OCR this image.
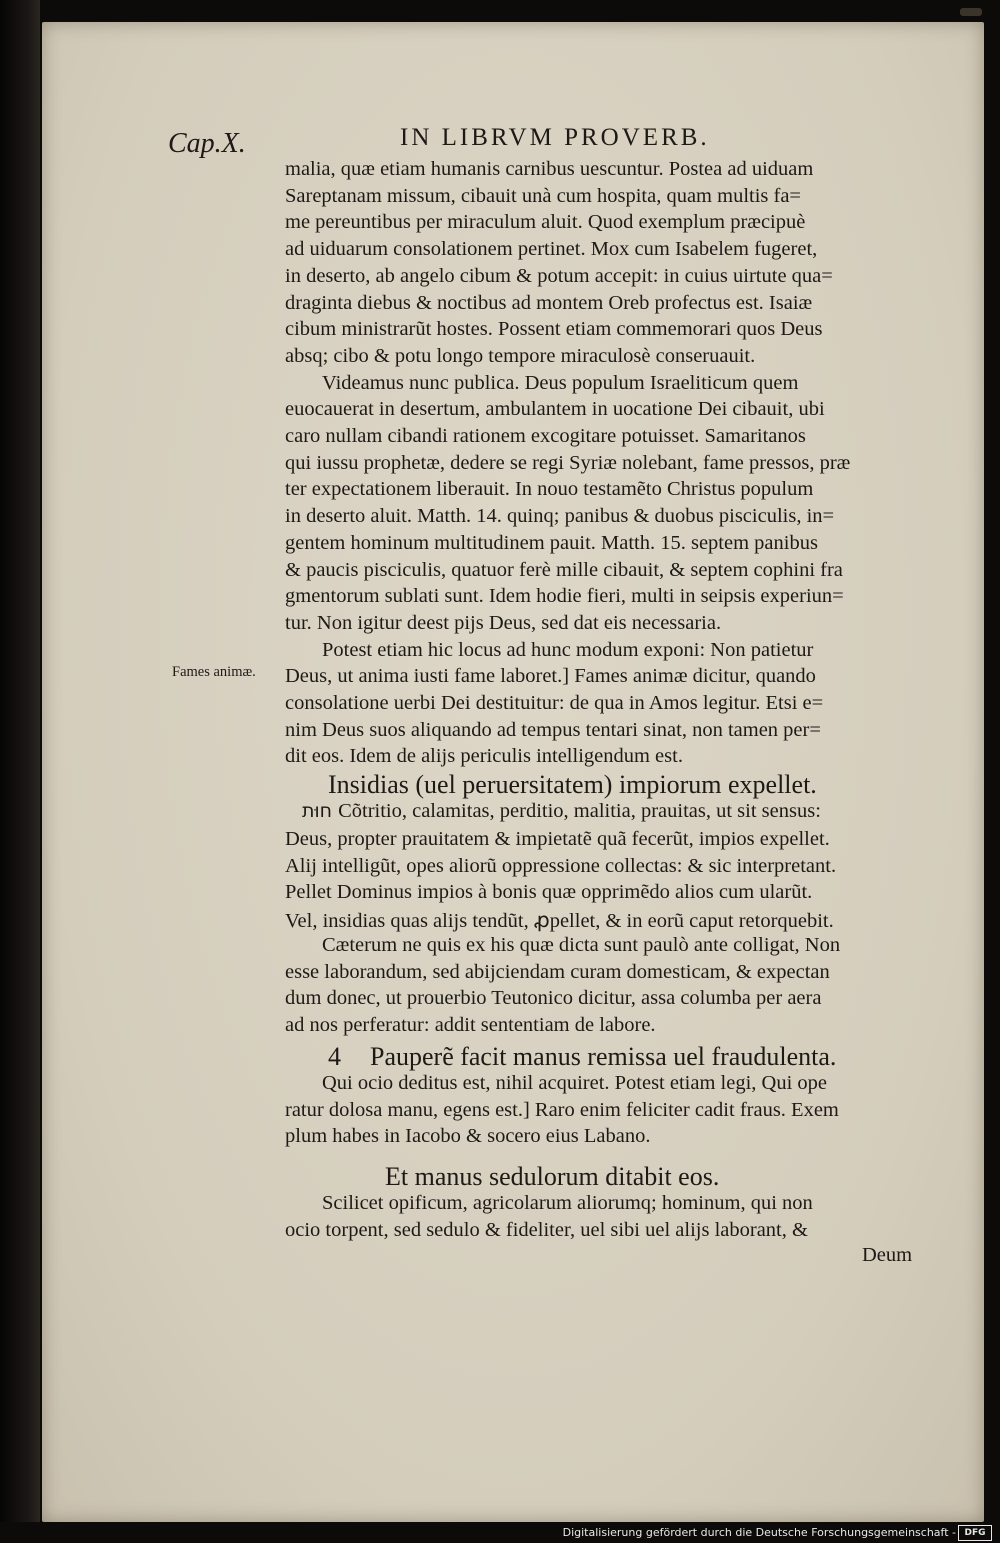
Cap.X.	IN LIBRVM PROVERB.
malia, quæ etiam humanis carnibus uescuntur. Postea ad uiduam
Sareptanam missum, cibauit unà cum hospita, quam multis fa=
me pereuntibus per miraculum aluit. Quod exemplum præcipuè
ad uiduarum consolationem pertinet. Mox cum Isabelem fugeret,
in deserto, ab angelo cibum & potum accepit: in cuius uirtute qua=
draginta diebus & noctibus ad montem Oreb profectus est. Isaiæ
cibum ministrarũt hostes. Possent etiam commemorari quos Deus
absq; cibo & potu longo tempore miraculosè conseruauit.
Videamus nunc publica. Deus populum Israeliticum quem
euocauerat in desertum, ambulantem in uocatione Dei cibauit, ubi
caro nullam cibandi rationem excogitare potuisset. Samaritanos
qui iussu prophetæ, dedere se regi Syriæ nolebant, fame pressos, præ
ter expectationem liberauit. In nouo testamẽto Christus populum
in deserto aluit. Matth. 14. quinq; panibus & duobus pisciculis, in=
gentem hominum multitudinem pauit. Matth. 15. septem panibus
& paucis pisciculis, quatuor ferè mille cibauit, & septem cophini fra
gmentorum sublati sunt. Idem hodie fieri, multi in seipsis experiun=
tur. Non igitur deest pijs Deus, sed dat eis necessaria.
Potest etiam hic locus ad hunc modum exponi: Non patietur
Deus, ut anima iusti fame laboret.] Fames animæ dicitur, quando
consolatione uerbi Dei destituitur: de qua in Amos legitur. Etsi e=
nim Deus suos aliquando ad tempus tentari sinat, non tamen per=
dit eos. Idem de alijs periculis intelligendum est.
Fames animæ.
Insidias (uel peruersitatem) impiorum expellet.
חוּת Cõtritio, calamitas, perditio, malitia, prauitas, ut sit sensus:
Deus, propter prauitatem & impietatẽ quã fecerũt, impios expellet.
Alij intelligũt, opes aliorũ oppressione collectas: & sic interpretant.
Pellet Dominus impios à bonis quæ opprimẽdo alios cum ularũt.
Vel, insidias quas alijs tendũt, ꝓpellet, & in eorũ caput retorquebit.
Cæterum ne quis ex his quæ dicta sunt paulò ante colligat, Non
esse laborandum, sed abijciendam curam domesticam, & expectan
dum donec, ut prouerbio Teutonico dicitur, assa columba per aera
ad nos perferatur: addit sententiam de labore.
4 Pauperẽ facit manus remissa uel fraudulenta.
Qui ocio deditus est, nihil acquiret. Potest etiam legi, Qui ope
ratur dolosa manu, egens est.] Raro enim feliciter cadit fraus. Exem
plum habes in Iacobo & socero eius Labano.
Et manus sedulorum ditabit eos.
Scilicet opificum, agricolarum aliorumq; hominum, qui non
ocio torpent, sed sedulo & fideliter, uel sibi uel alijs laborant, &
Deum
Digitalisierung gefördert durch die Deutsche Forschungsgemeinschaft - DFG
